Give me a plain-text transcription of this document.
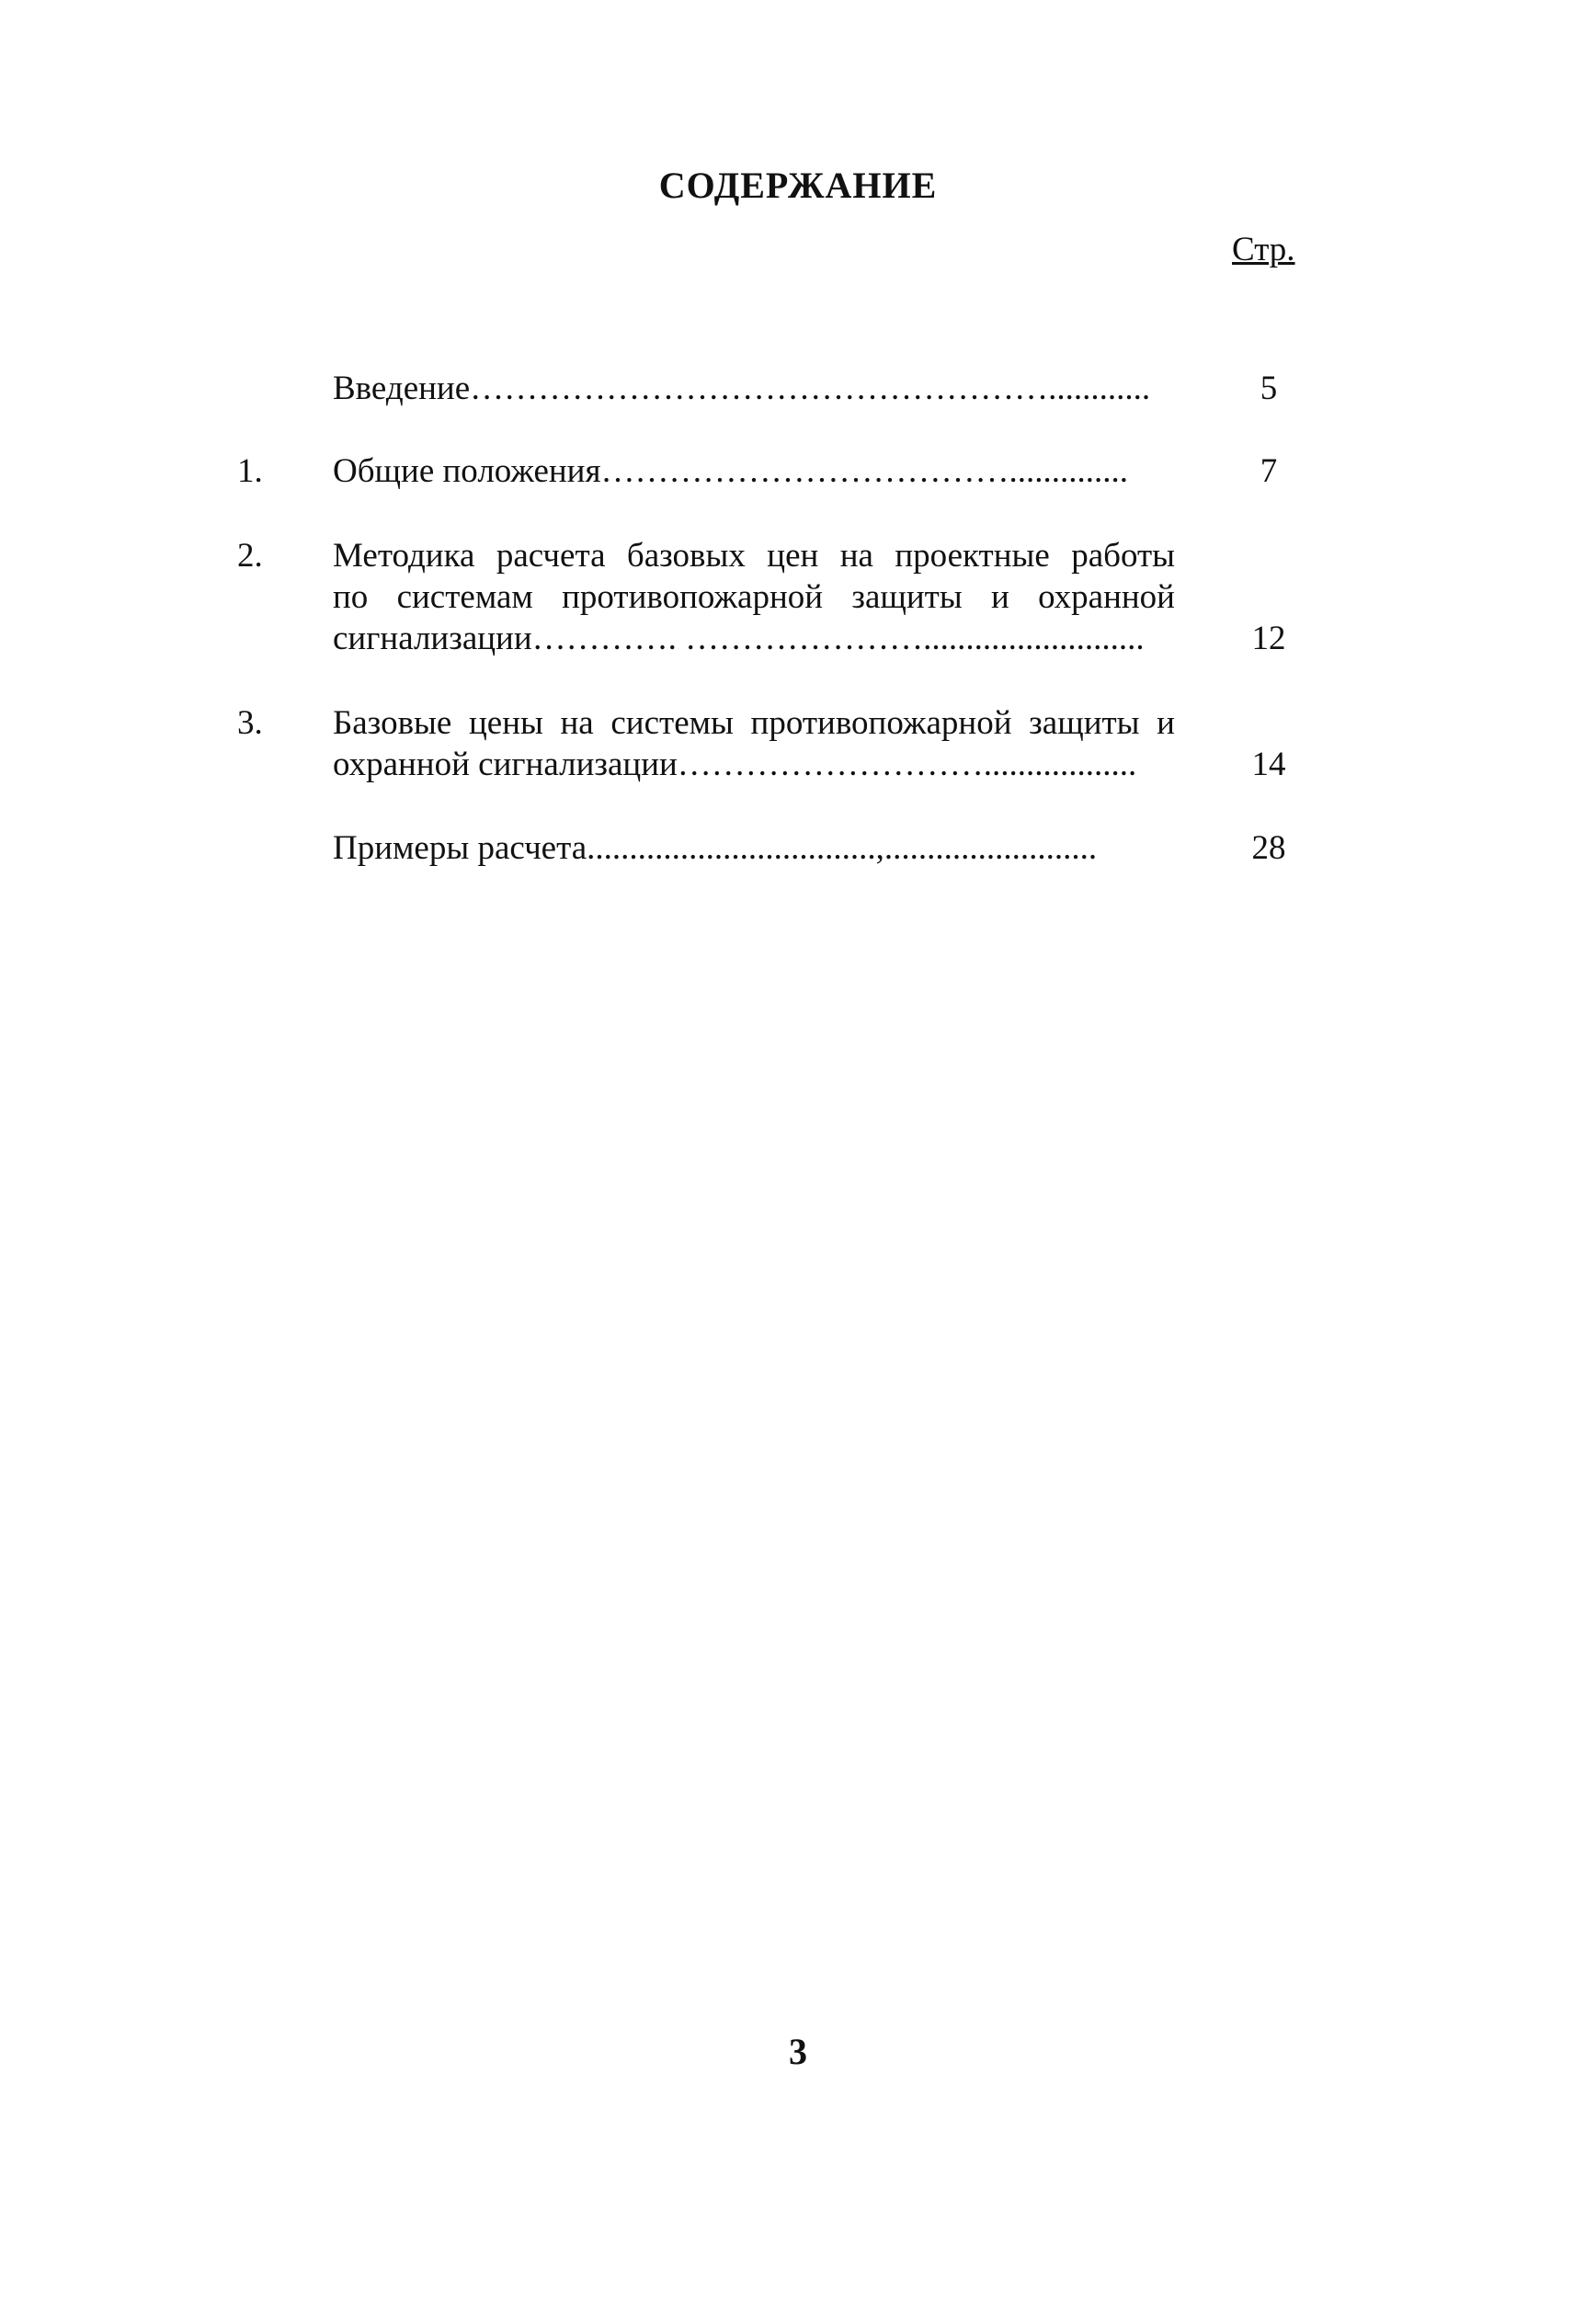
СОДЕРЖАНИЕ
Стр.
Введение……………………………………………............	5
1. Общие положения………………………………..............	7
2. Методика расчета базовых цен на проектные работы
по системам противопожарной защиты и охранной
сигнализации…………. …………………..........................	12
3. Базовые цены на системы противопожарной защиты и
охранной сигнализации………………………..................	14
Примеры расчета..................................,.........................	28
3
